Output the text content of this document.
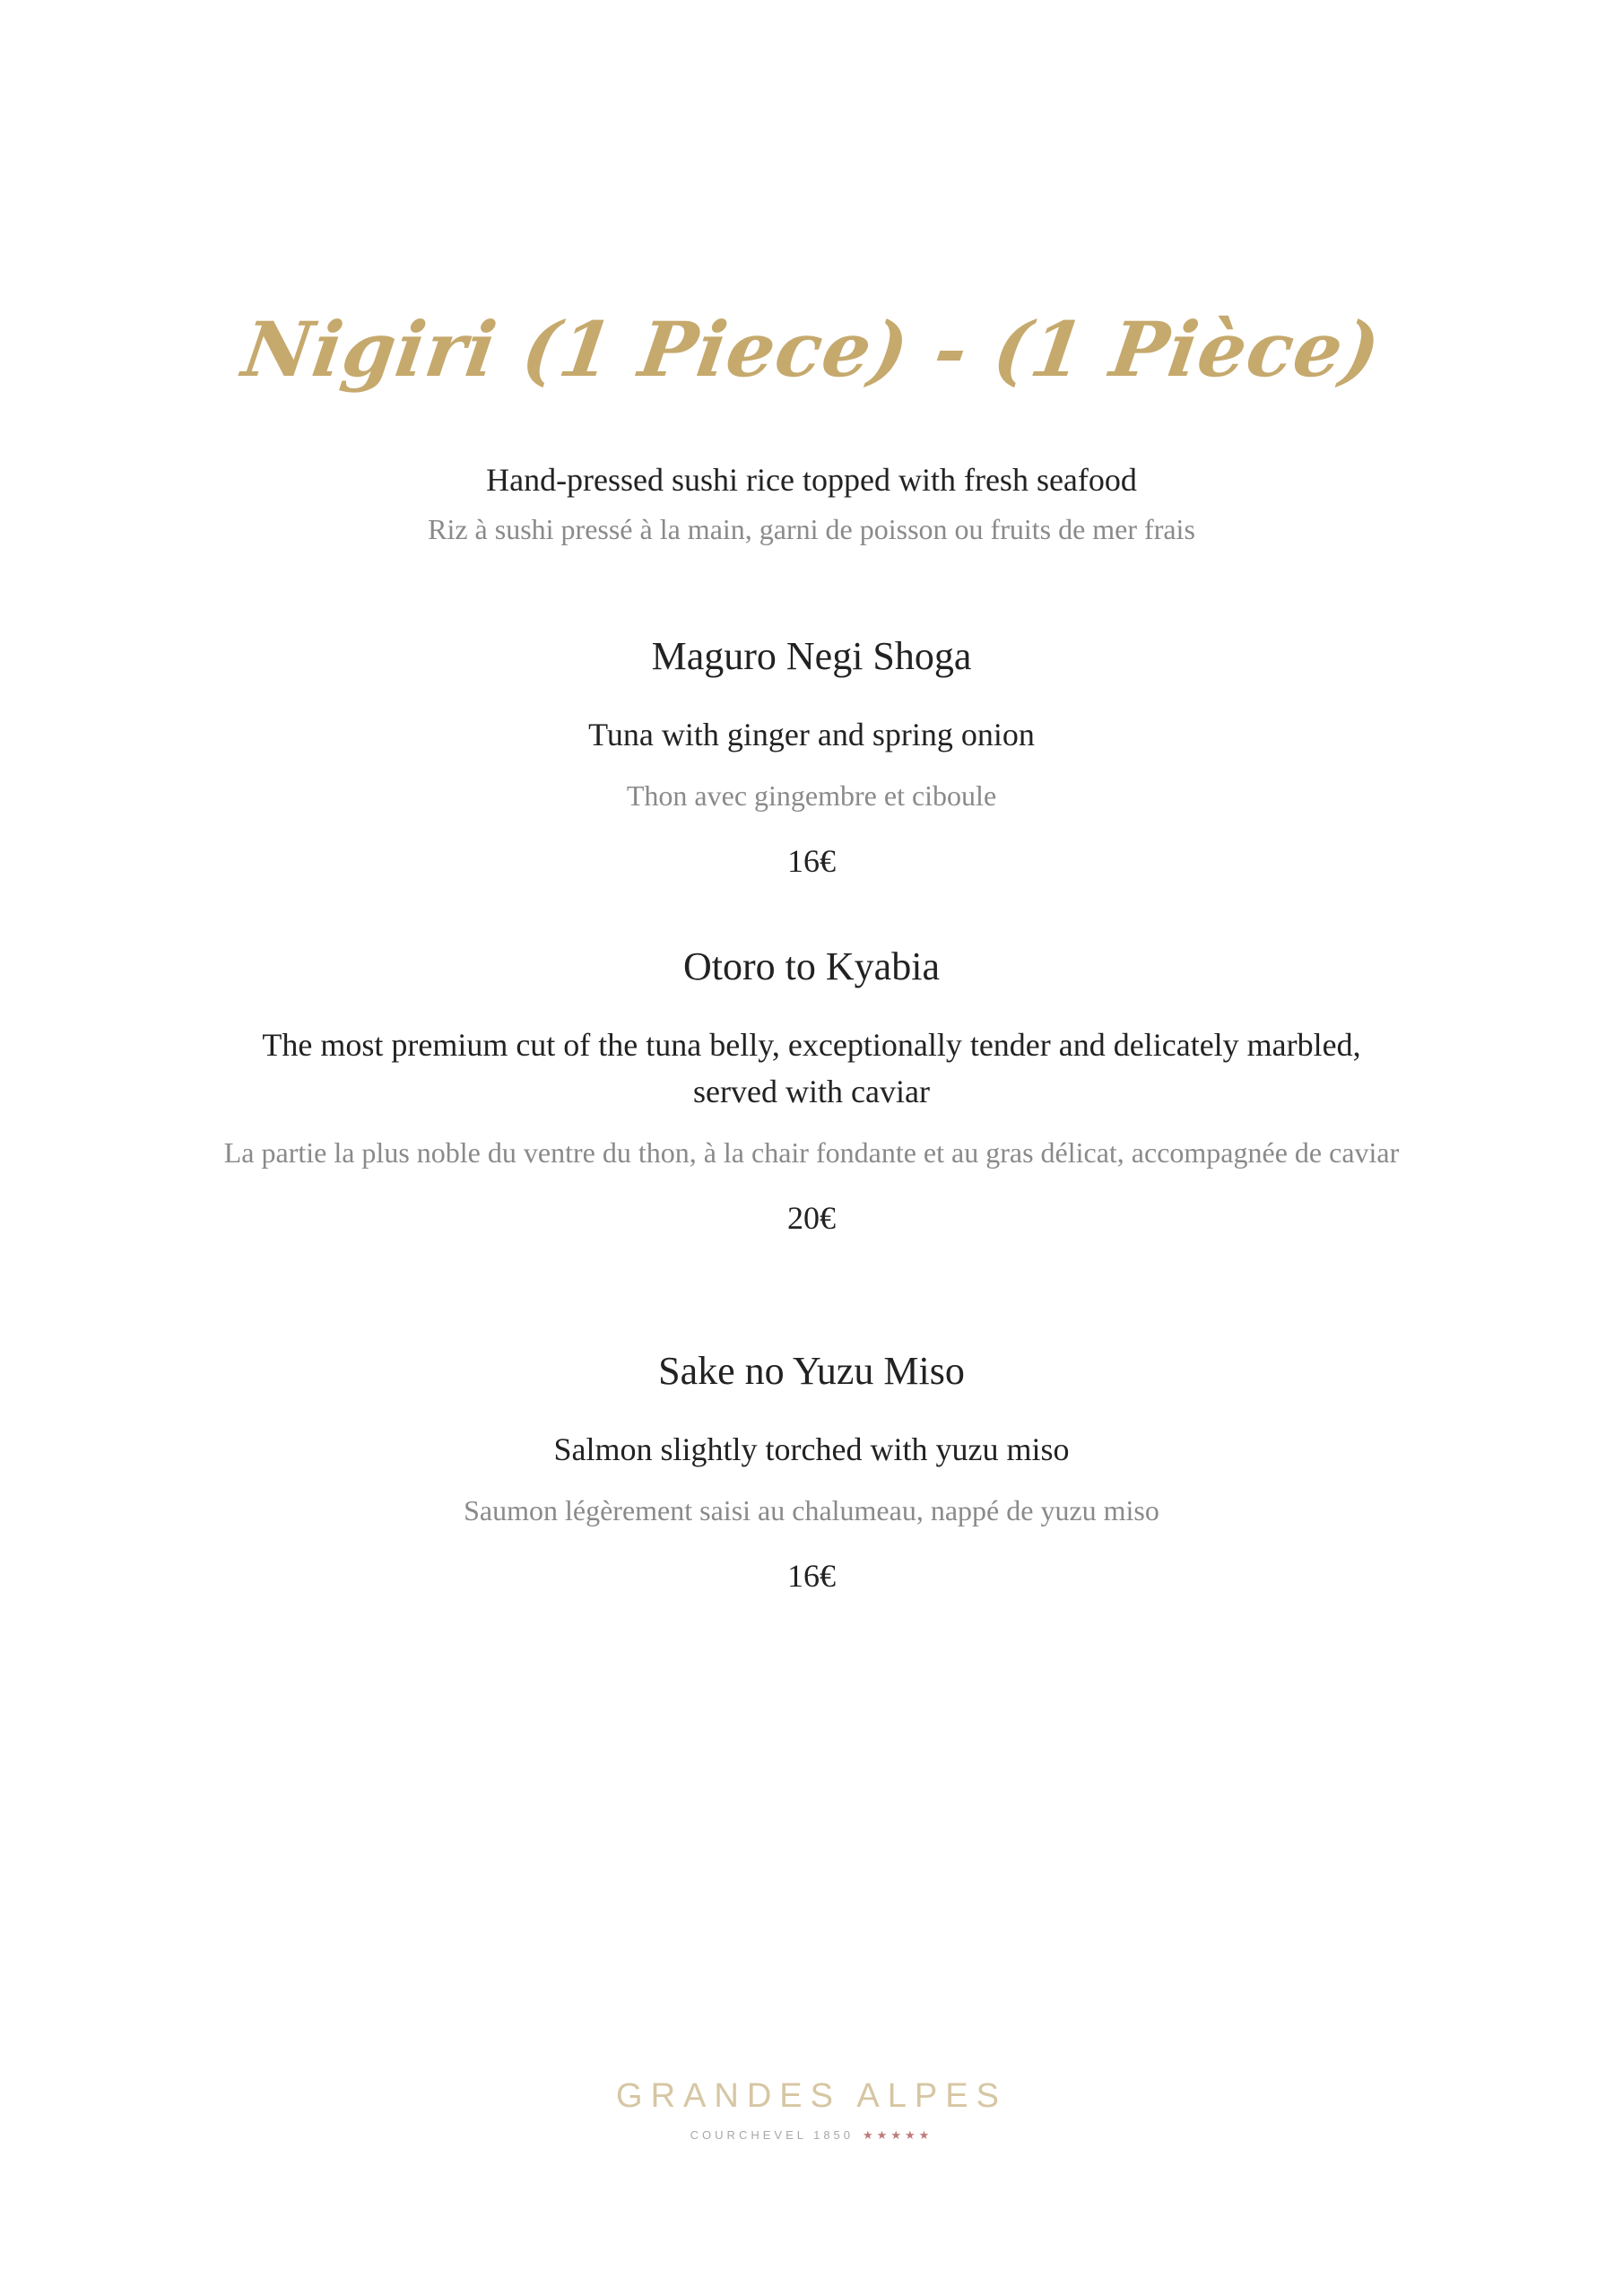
Nigiri (1 Piece) - (1 Pièce)

Hand-pressed sushi rice topped with fresh seafood

Riz à sushi pressé à la main, garni de poisson ou fruits de mer frais

Maguro Negi Shoga

Tuna with ginger and spring onion

Thon avec gingembre et ciboule

16€

Otoro to Kyabia

The most premium cut of the tuna belly, exceptionally tender and delicately marbled, served with caviar

La partie la plus noble du ventre du thon, à la chair fondante et au gras délicat, accompagnée de caviar

20€

Sake no Yuzu Miso

Salmon slightly torched with yuzu miso

Saumon légèrement saisi au chalumeau, nappé de yuzu miso

16€

GRANDES ALPES

COURCHEVEL 1850 ★★★★★
